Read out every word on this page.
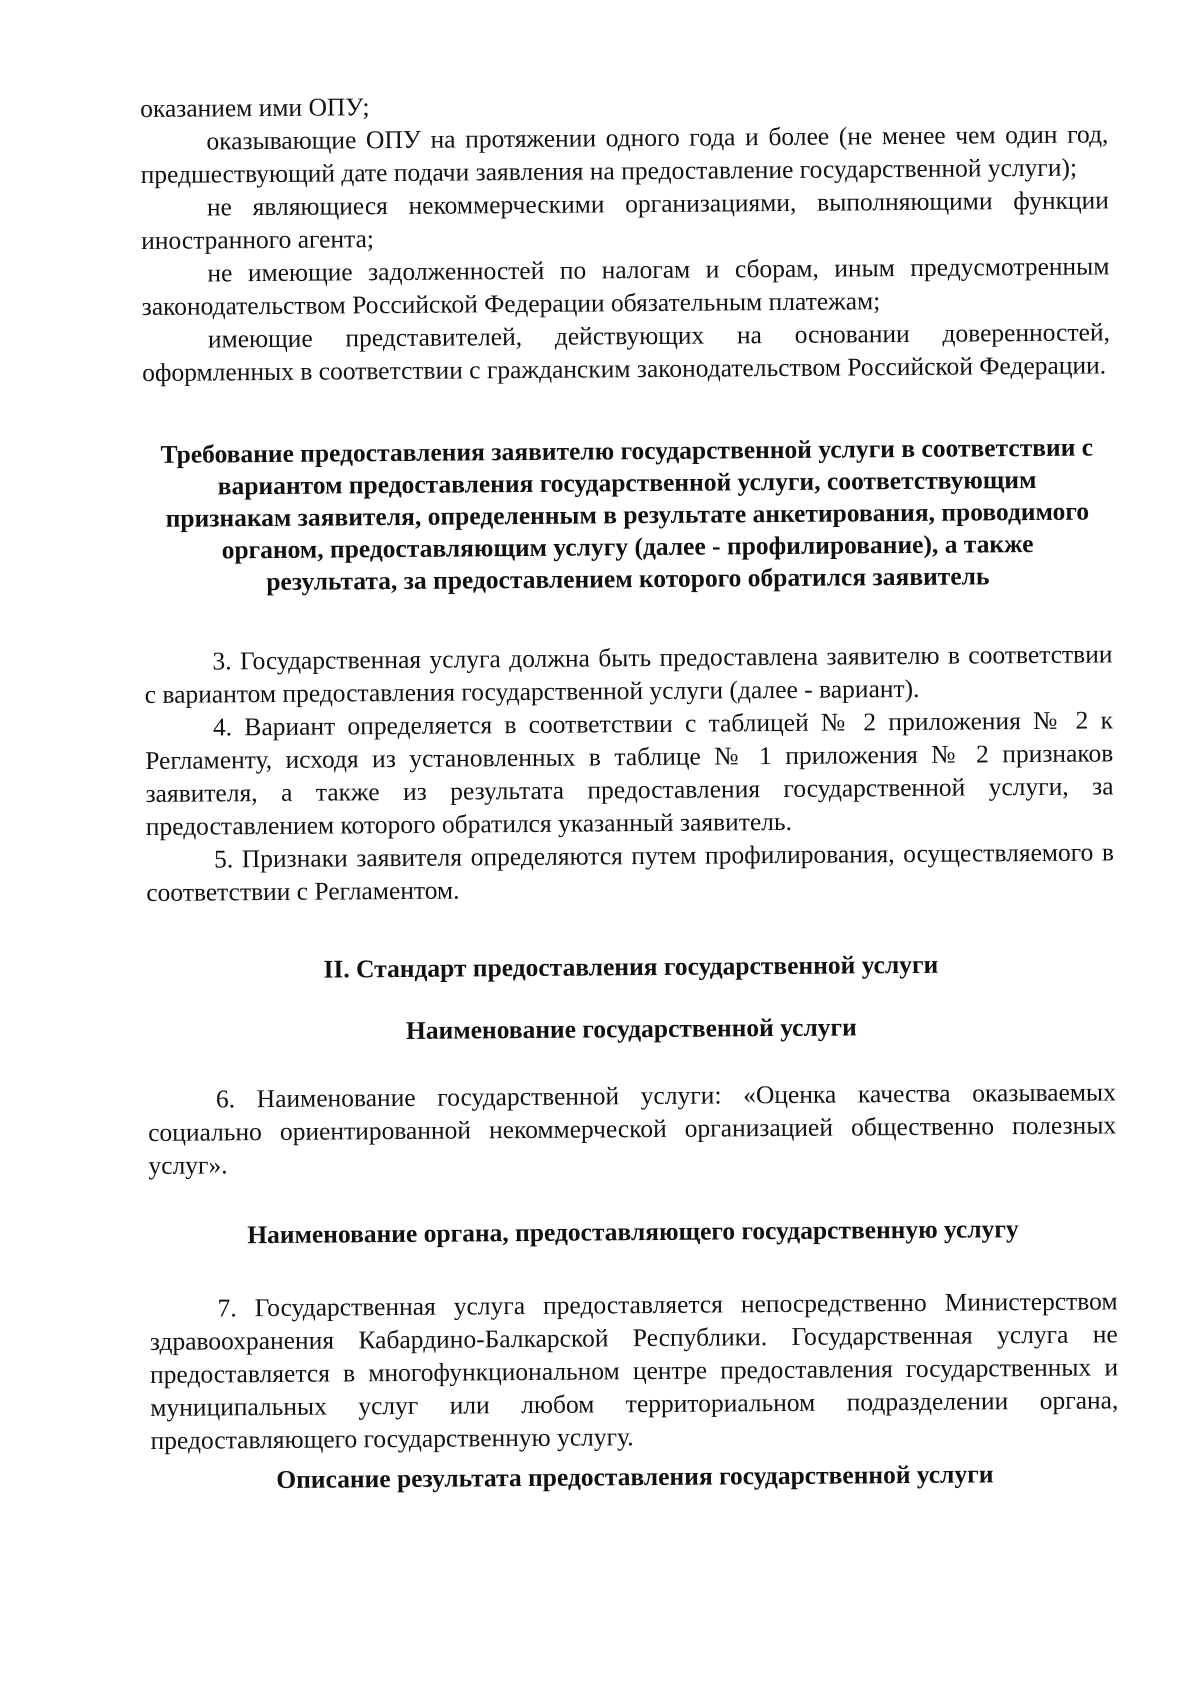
оказанием ими ОПУ;

оказывающие ОПУ на протяжении одного года и более (не менее чем один год, предшествующий дате подачи заявления на предоставление государственной услуги);

не являющиеся некоммерческими организациями, выполняющими функции иностранного агента;

не имеющие задолженностей по налогам и сборам, иным предусмотренным законодательством Российской Федерации обязательным платежам;

имеющие представителей, действующих на основании доверенностей, оформленных в соответствии с гражданским законодательством Российской Федерации.

Требование предоставления заявителю государственной услуги в соответствии с вариантом предоставления государственной услуги, соответствующим признакам заявителя, определенным в результате анкетирования, проводимого органом, предоставляющим услугу (далее - профилирование), а также результата, за предоставлением которого обратился заявитель

3. Государственная услуга должна быть предоставлена заявителю в соответствии с вариантом предоставления государственной услуги (далее - вариант).

4. Вариант определяется в соответствии с таблицей № 2 приложения № 2 к Регламенту, исходя из установленных в таблице № 1 приложения № 2 признаков заявителя, а также из результата предоставления государственной услуги, за предоставлением которого обратился указанный заявитель.

5. Признаки заявителя определяются путем профилирования, осуществляемого в соответствии с Регламентом.

II. Стандарт предоставления государственной услуги
Наименование государственной услуги

6. Наименование государственной услуги: «Оценка качества оказываемых социально ориентированной некоммерческой организацией общественно полезных услуг».

Наименование органа, предоставляющего государственную услугу

7. Государственная услуга предоставляется непосредственно Министерством здравоохранения Кабардино-Балкарской Республики. Государственная услуга не предоставляется в многофункциональном центре предоставления государственных и муниципальных услуг или любом территориальном подразделении органа, предоставляющего государственную услугу.

Описание результата предоставления государственной услуги
